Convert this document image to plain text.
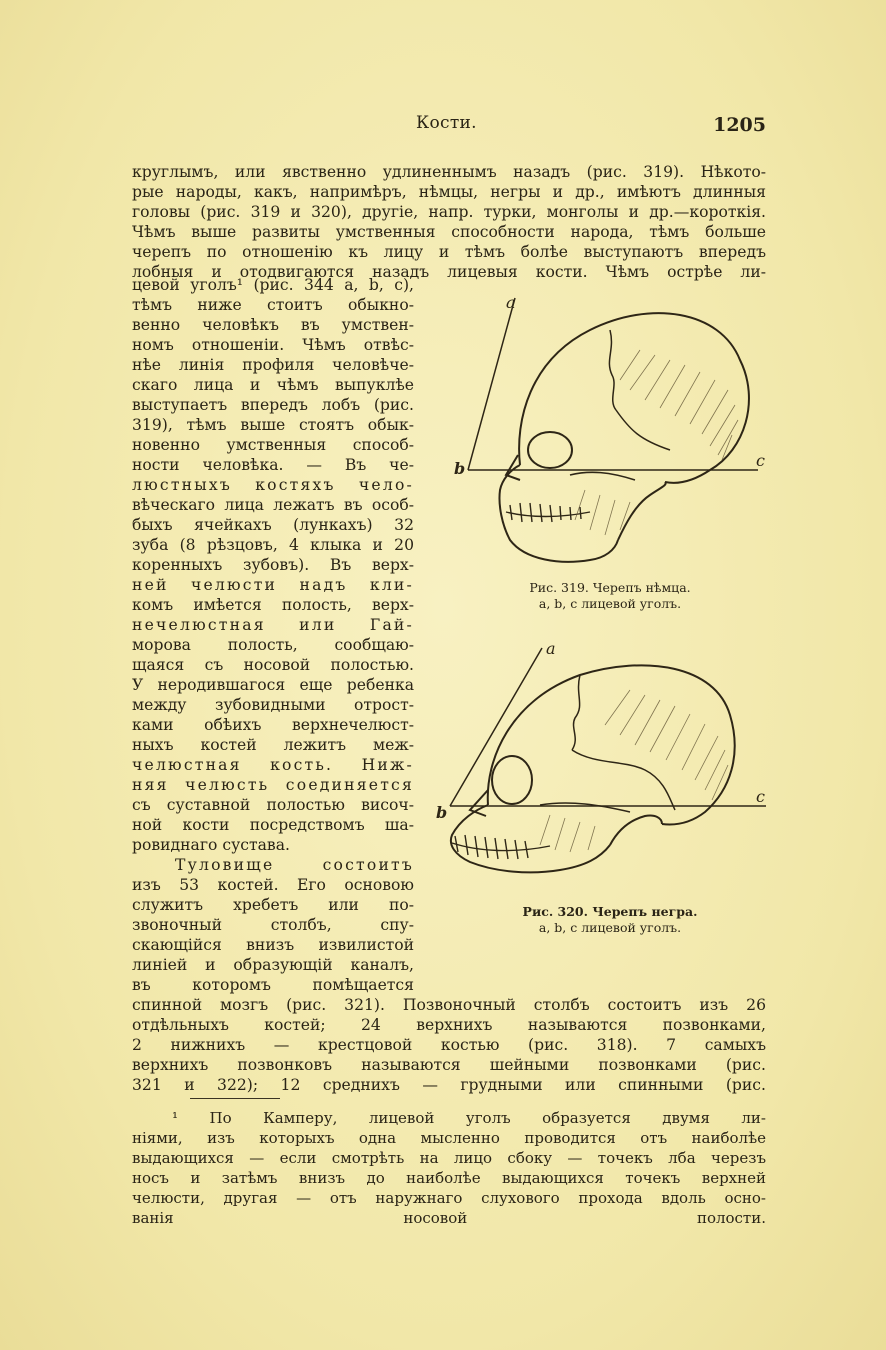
Кости.	1205
круглымъ, или явственно удлиненнымъ назадъ (рис. 319). Нѣкото-
рые народы, какъ, напримѣръ, нѣмцы, негры и др., имѣютъ длинныя
головы (рис. 319 и 320), другіе, напр. турки, монголы и др.—короткія.
Чѣмъ выше развиты умственныя способности народа, тѣмъ больше
черепъ по отношенію къ лицу и тѣмъ болѣе выступаютъ впередъ
лобныя и отодвигаются назадъ лицевыя кости. Чѣмъ острѣе ли-
цевой уголъ¹ (рис. 344 a, b, c),
тѣмъ ниже стоитъ обыкно-
венно человѣкъ въ умствен-
номъ отношеніи. Чѣмъ отвѣс-
нѣе линія профиля человѣче-
скаго лица и чѣмъ выпуклѣе
выступаетъ впередъ лобъ (рис.
319), тѣмъ выше стоятъ обык-
новенно умственныя способ-
ности человѣка. — Въ че-
люстныхъ костяхъ чело-
вѣческаго лица лежатъ въ особ-
быхъ ячейкахъ (лункахъ) 32
зуба (8 рѣзцовъ, 4 клыка и 20
коренныхъ зубовъ). Въ верх-
ней челюсти надъ кли-
комъ имѣется полость, верх-
нечелюстная или Гай-
морова полость, сообщаю-
щаяся съ носовой полостью.
У неродившагося еще ребенка
между зубовидными отрост-
ками обѣихъ верхнечелюст-
ныхъ костей лежитъ меж-
челюстная кость. Ниж-
няя челюсть соединяется
съ суставной полостью височ-
ной кости посредствомъ ша-
ровиднаго сустава.
Туловище состоитъ
изъ 53 костей. Его основою
служитъ хребетъ или по-
звоночный столбъ, спу-
скающійся внизъ извилистой
линіей и образующій каналъ,
въ которомъ помѣщается
спинной мозгъ (рис. 321). Позвоночный столбъ состоитъ изъ 26
отдѣльныхъ костей; 24 верхнихъ называются позвонками,
2 нижнихъ — крестцовой костью (рис. 318). 7 самыхъ
верхнихъ позвонковъ называются шейными позвонками (рис.
321 и 322); 12 среднихъ — грудными или спинными (рис.
a
b	c
Рис. 319. Черепъ нѣмца.
a, b, c лицевой уголъ.
a
b
c
Рис. 320. Черепъ негра.
a, b, c лицевой уголъ.
¹ По Камперу, лицевой уголъ образуется двумя ли-
ніями, изъ которыхъ одна мысленно проводится отъ наиболѣе
выдающихся — если смотрѣть на лицо сбоку — точекъ лба черезъ
носъ и затѣмъ внизъ до наиболѣе выдающихся точекъ верхней
челюсти, другая — отъ наружнаго слухового прохода вдоль осно-
ванія носовой полости.
